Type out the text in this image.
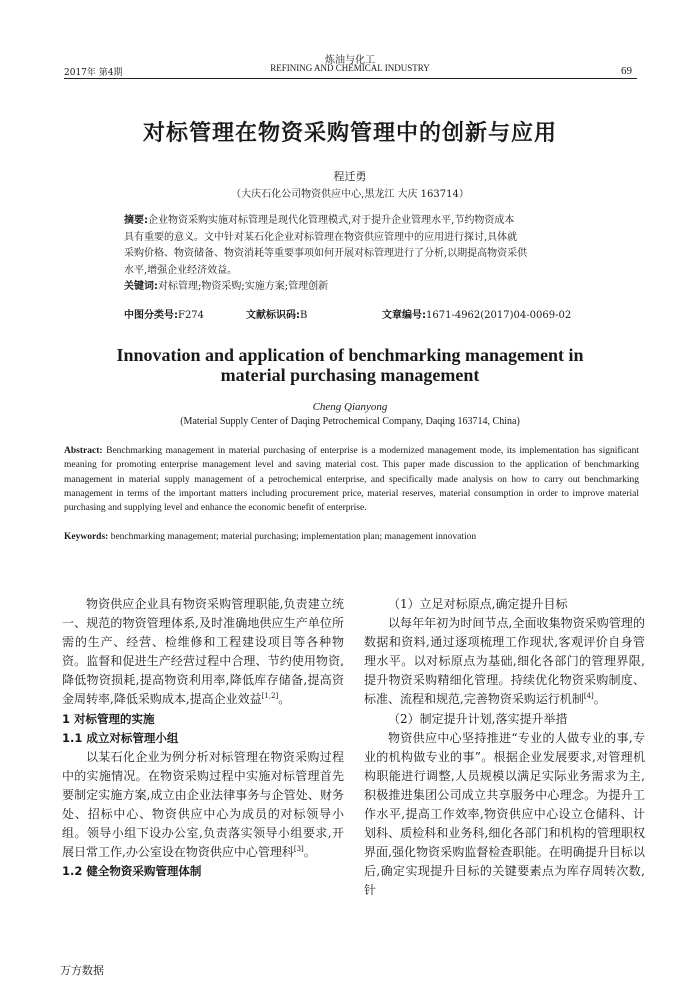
炼油与化工
REFINING AND CHEMICAL INDUSTRY
2017年 第4期	69
对标管理在物资采购管理中的创新与应用
程迁勇
（大庆石化公司物资供应中心,黑龙江 大庆 163714）
摘要:企业物资采购实施对标管理是现代化管理模式,对于提升企业管理水平,节约物资成本
具有重要的意义。文中针对某石化企业对标管理在物资供应管理中的应用进行探讨,具体就
采购价格、物资储备、物资消耗等重要事项如何开展对标管理进行了分析,以期提高物资采供
水平,增强企业经济效益。
关键词:对标管理;物资采购;实施方案;管理创新
中图分类号:F274	文献标识码:B	文章编号:1671-4962(2017)04-0069-02
Innovation and application of benchmarking management in
material purchasing management
Cheng Qianyong
(Material Supply Center of Daqing Petrochemical Company, Daqing 163714, China)
Abstract: Benchmarking management in material purchasing of enterprise is a modernized management mode, its implementation has significant meaning for promoting enterprise management level and saving material cost. This paper made discussion to the application of benchmarking management in material supply management of a petrochemical enterprise, and specifically made analysis on how to carry out benchmarking management in terms of the important matters including procurement price, material reserves, material consumption in order to improve material purchasing and supplying level and enhance the economic benefit of enterprise.
Keywords: benchmarking management; material purchasing; implementation plan; management innovation
物资供应企业具有物资采购管理职能,负责建立统一、规范的物资管理体系,及时准确地供应生产单位所需的生产、经营、检维修和工程建设项目等各种物资。监督和促进生产经营过程中合理、节约使用物资,降低物资损耗,提高物资利用率,降低库存储备,提高资金周转率,降低采购成本,提高企业效益[1,2]。
1 对标管理的实施
1.1 成立对标管理小组
以某石化企业为例分析对标管理在物资采购过程中的实施情况。在物资采购过程中实施对标管理首先要制定实施方案,成立由企业法律事务与企管处、财务处、招标中心、物资供应中心为成员的对标领导小组。领导小组下设办公室,负责落实领导小组要求,开展日常工作,办公室设在物资供应中心管理科[3]。
1.2 健全物资采购管理体制
（1）立足对标原点,确定提升目标
以每年年初为时间节点,全面收集物资采购管理的数据和资料,通过逐项梳理工作现状,客观评价自身管理水平。以对标原点为基础,细化各部门的管理界限,提升物资采购精细化管理。持续优化物资采购制度、标准、流程和规范,完善物资采购运行机制[4]。
（2）制定提升计划,落实提升举措
物资供应中心坚持推进“专业的人做专业的事,专业的机构做专业的事”。根据企业发展要求,对管理机构职能进行调整,人员规模以满足实际业务需求为主,积极推进集团公司成立共享服务中心理念。为提升工作水平,提高工作效率,物资供应中心设立仓储科、计划科、质检科和业务科,细化各部门和机构的管理职权界面,强化物资采购监督检查职能。在明确提升目标以后,确定实现提升目标的关键要素点为库存周转次数,针
万方数据
